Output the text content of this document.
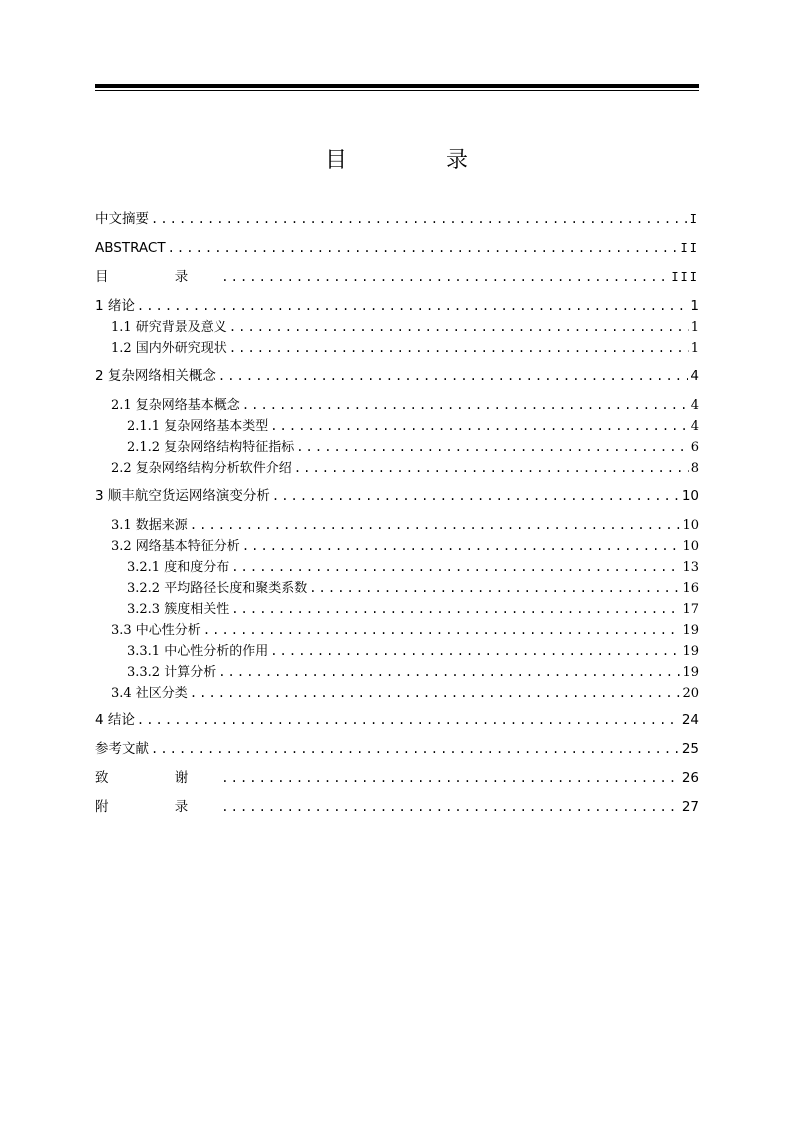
目 录
中文摘要 .....	I
ABSTRACT .....	II
目 录 .....	III
1 绪论 .....	1
1.1 研究背景及意义 .....	1
1.2 国内外研究现状 .....	1
2 复杂网络相关概念 .....	4
2.1 复杂网络基本概念 .....	4
2.1.1 复杂网络基本类型 .....	4
2.1.2 复杂网络结构特征指标 .....	6
2.2 复杂网络结构分析软件介绍 .....	8
3 顺丰航空货运网络演变分析 .....	10
3.1 数据来源 .....	10
3.2 网络基本特征分析 .....	10
3.2.1 度和度分布 .....	13
3.2.2 平均路径长度和聚类系数 .....	16
3.2.3 簇度相关性 .....	17
3.3 中心性分析 .....	19
3.3.1 中心性分析的作用 .....	19
3.3.2 计算分析 .....	19
3.4 社区分类 .....	20
4 结论 .....	24
参考文献 .....	25
致 谢 .....	26
附 录 .....	27
